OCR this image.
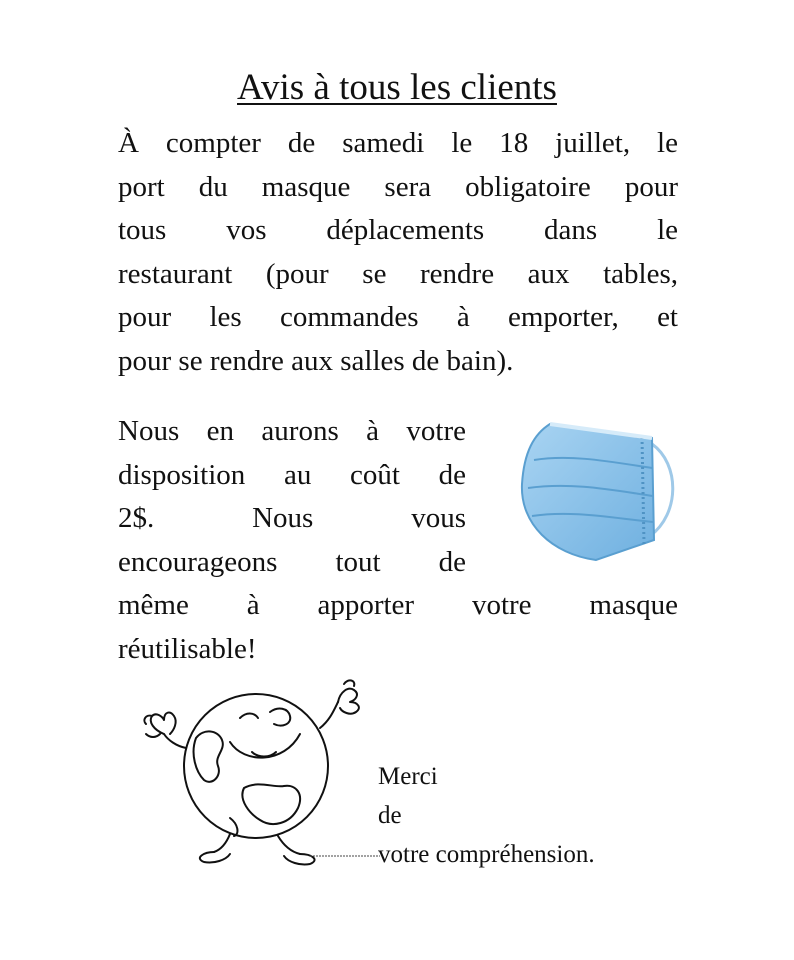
Avis à tous les clients
À compter de samedi le 18 juillet, le
port du masque sera obligatoire pour
tous vos déplacements dans le
restaurant (pour se rendre aux tables,
pour les commandes à emporter, et
pour se rendre aux salles de bain).
Nous en aurons à votre
disposition au coût de
2$. Nous vous
encourageons tout de
même à apporter votre masque
réutilisable!
Merci
de
votre compréhension.
